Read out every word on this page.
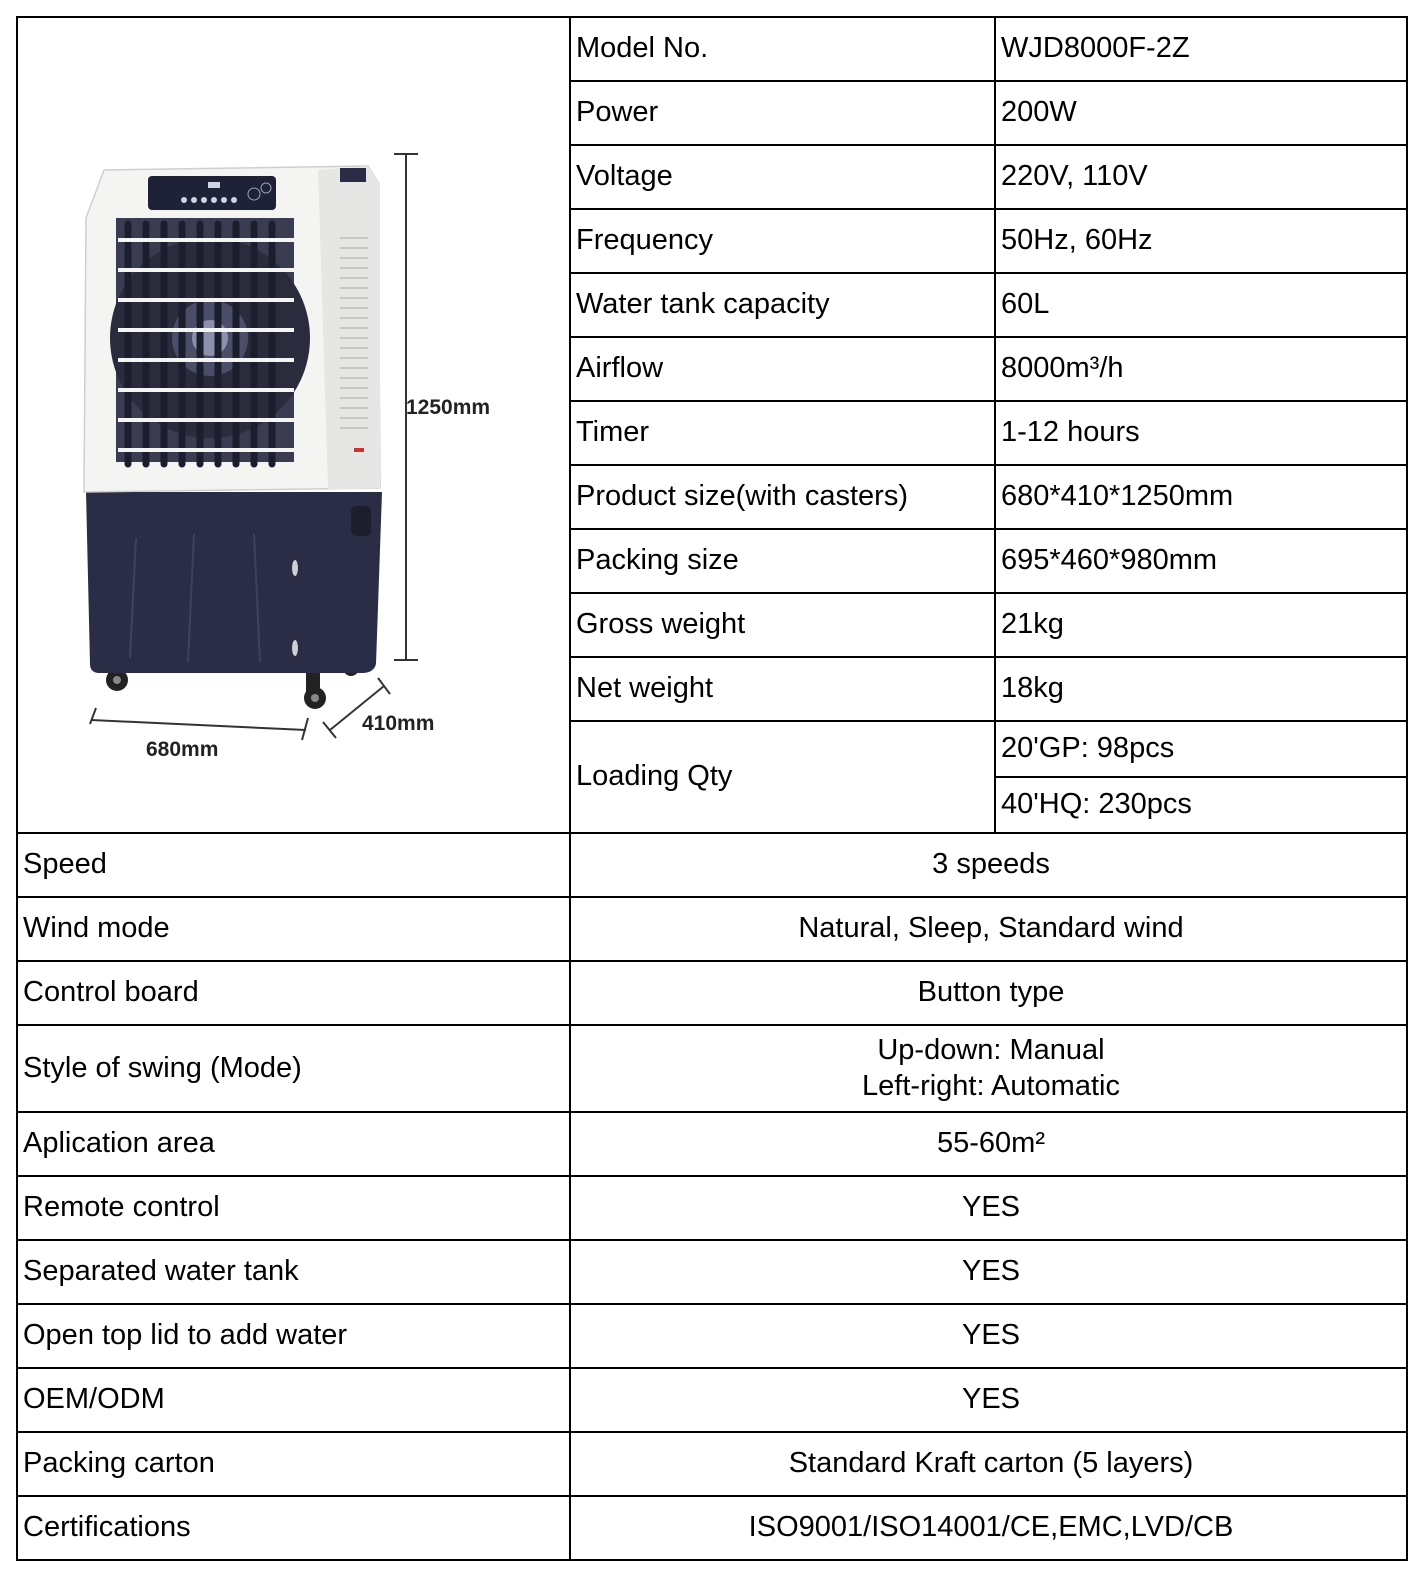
1250mm
680mm
410mm	Model No.	WJD8000F-2Z
	Power	200W
	Voltage	220V, 110V
	Frequency	50Hz, 60Hz
	Water tank capacity	60L
	Airflow	8000m³/h
	Timer	1-12 hours
	Product size(with casters)	680*410*1250mm
	Packing size	695*460*980mm
	Gross weight	21kg
	Net weight	18kg
	Loading Qty	20'GP: 98pcs
		40'HQ: 230pcs
Speed	3 speeds	
Wind mode	Natural, Sleep, Standard wind	
Control board	Button type	
Style of swing (Mode)	Up-down: Manual
Left-right: Automatic	

Aplication area	55-60m²	
Remote control	YES	
Separated water tank	YES	
Open top lid to add water	YES	
OEM/ODM	YES	
Packing carton	Standard Kraft carton (5 layers)	
Certifications	ISO9001/ISO14001/CE,EMC,LVD/CB	
